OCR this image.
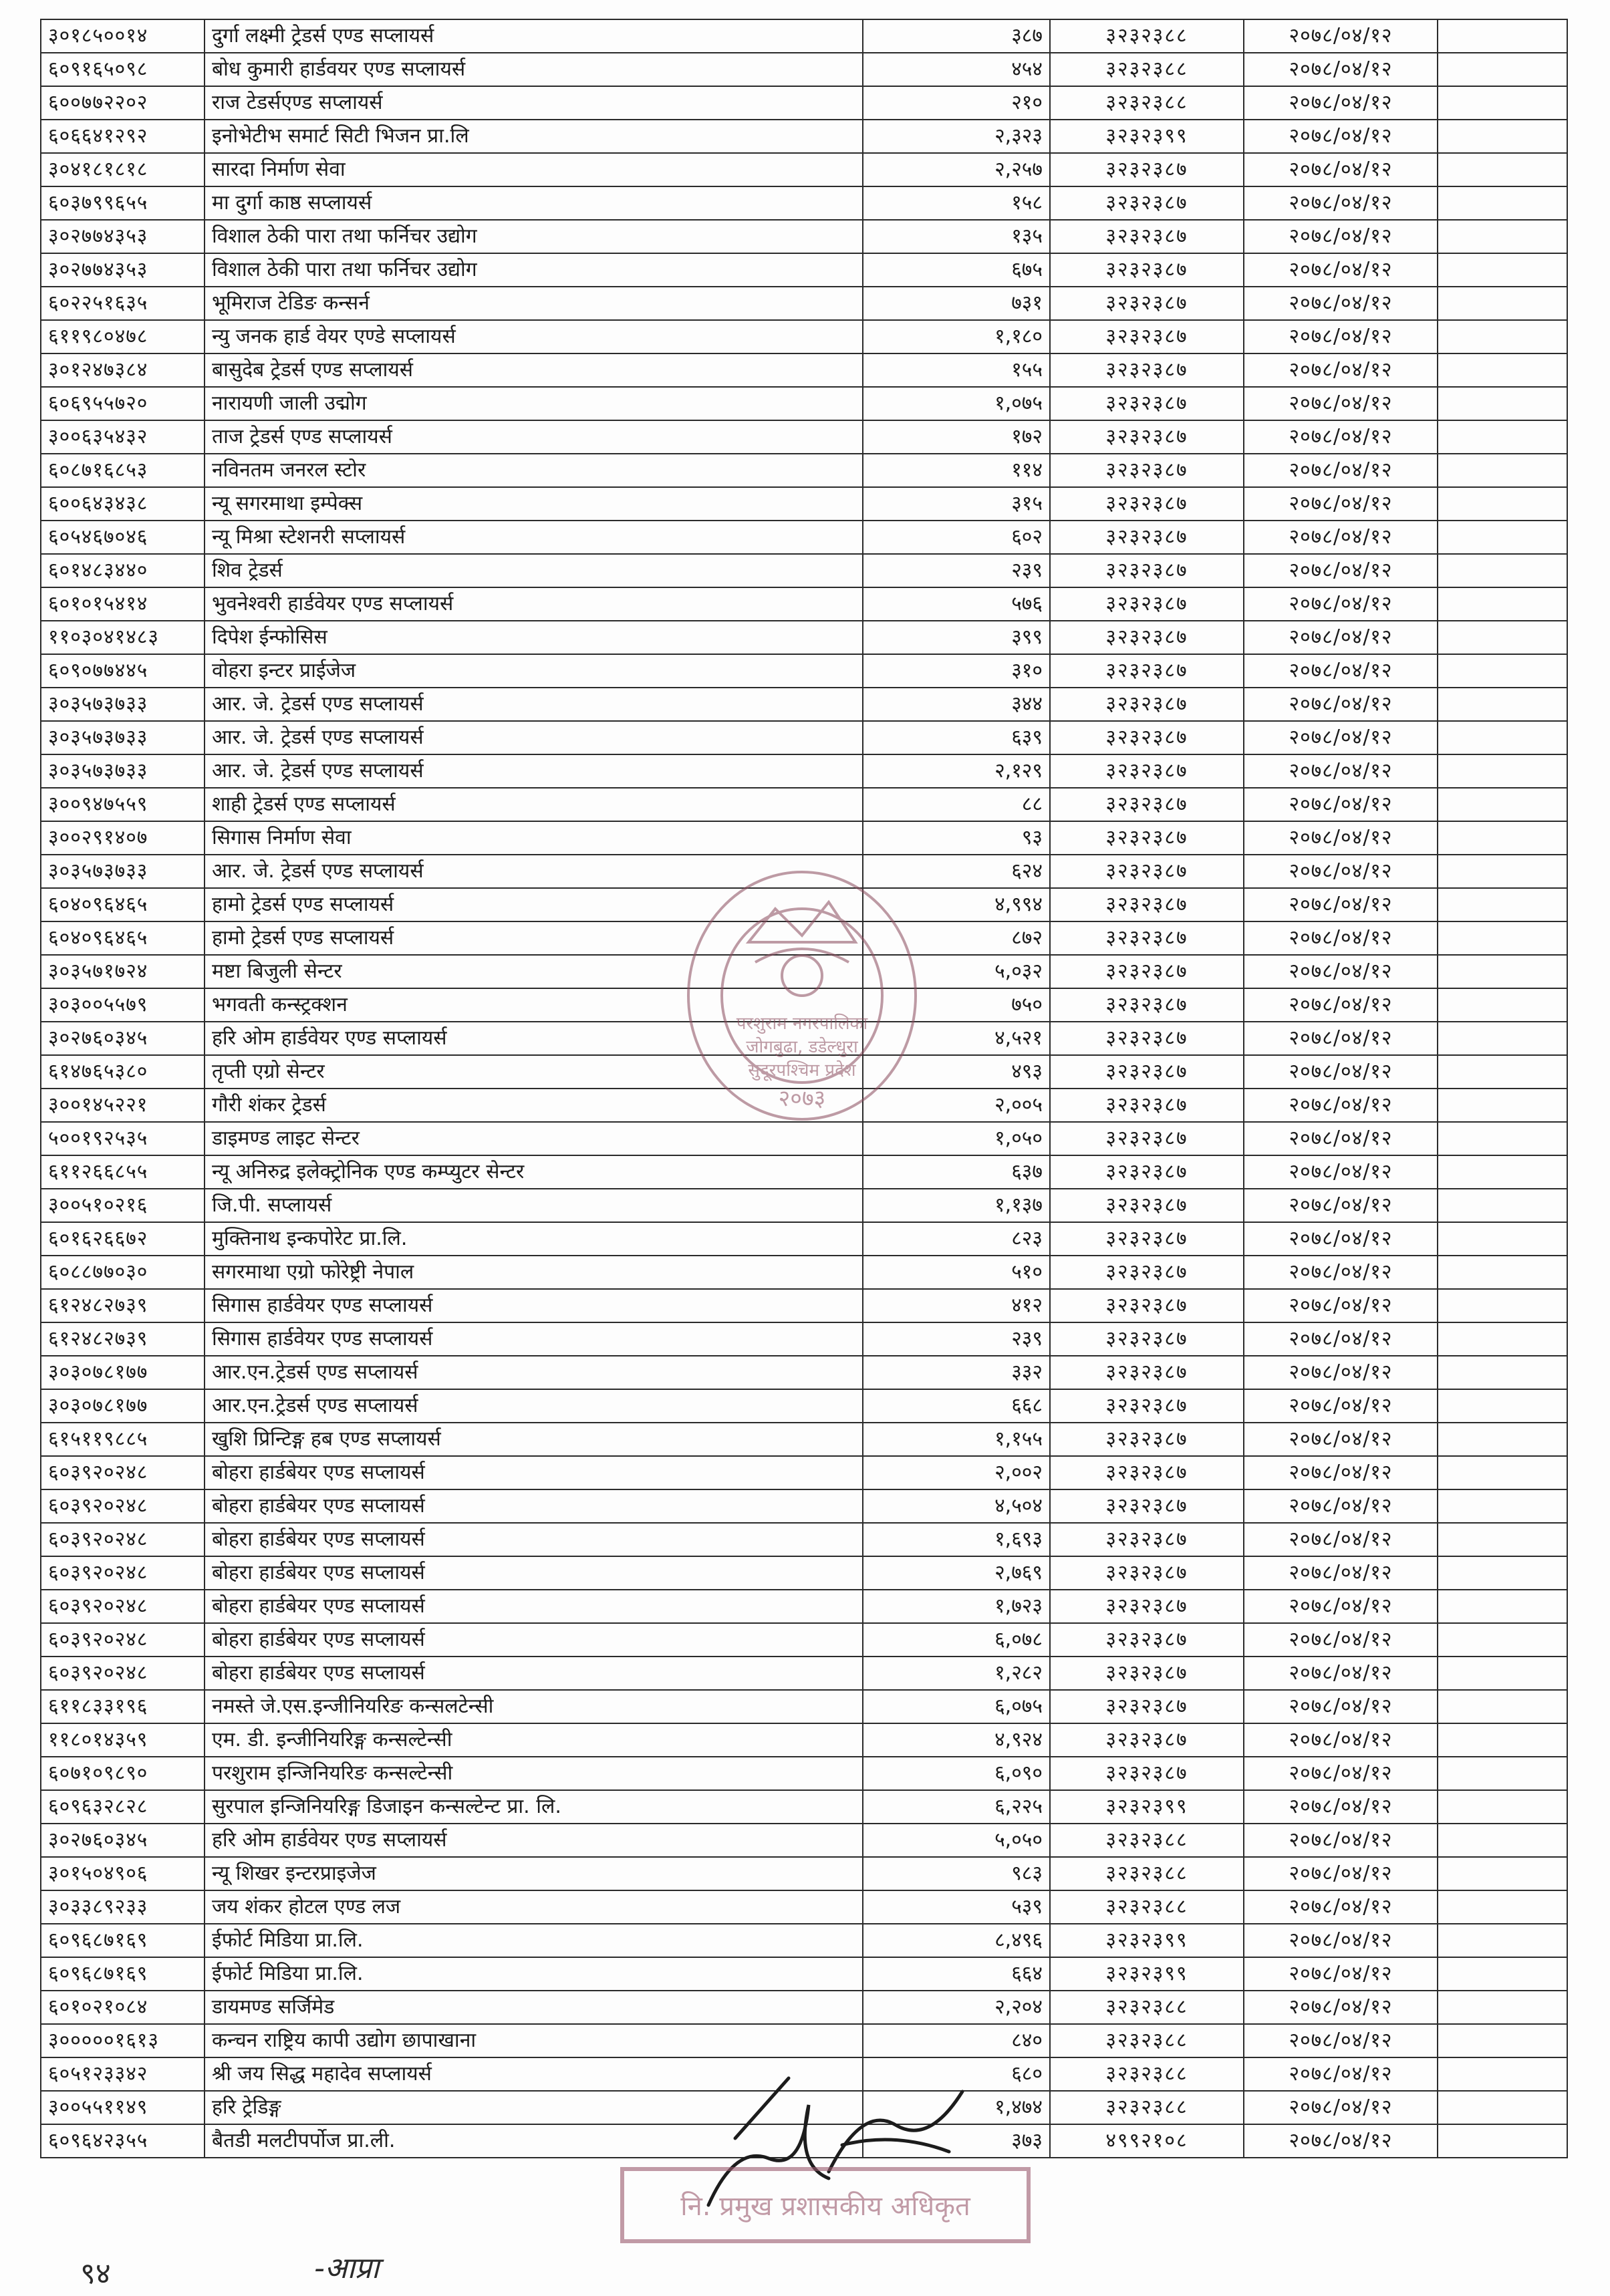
३०१८५००१४	दुर्गा लक्ष्मी ट्रेडर्स एण्ड सप्लायर्स	३८७	३२३२३८८	२०७८/०४/१२	
६०९१६५०९८	बोध कुमारी हार्डवयर एण्ड सप्लायर्स	४५४	३२३२३८८	२०७८/०४/१२	
६००७७२२०२	राज टेडर्सएण्ड सप्लायर्स	२१०	३२३२३८८	२०७८/०४/१२	
६०६६४१२९२	इनोभेटीभ समार्ट सिटी भिजन प्रा.लि	२,३२३	३२३२३९९	२०७८/०४/१२	
३०४१८१८१८	सारदा निर्माण सेवा	२,२५७	३२३२३८७	२०७८/०४/१२	
६०३७९९६५५	मा दुर्गा काष्ठ सप्लायर्स	१५८	३२३२३८७	२०७८/०४/१२	
३०२७७४३५३	विशाल ठेकी पारा तथा फर्निचर उद्योग	१३५	३२३२३८७	२०७८/०४/१२	
३०२७७४३५३	विशाल ठेकी पारा तथा फर्निचर उद्योग	६७५	३२३२३८७	२०७८/०४/१२	
६०२२५१६३५	भूमिराज टेडिङ कन्सर्न	७३१	३२३२३८७	२०७८/०४/१२	
६११९८०४७८	न्यु जनक हार्ड वेयर एण्डे सप्लायर्स	१,१८०	३२३२३८७	२०७८/०४/१२	
३०१२४७३८४	बासुदेब ट्रेडर्स एण्ड सप्लायर्स	१५५	३२३२३८७	२०७८/०४/१२	
६०६९५५७२०	नारायणी जाली उद्मोग	१,०७५	३२३२३८७	२०७८/०४/१२	
३००६३५४३२	ताज ट्रेडर्स एण्ड सप्लायर्स	१७२	३२३२३८७	२०७८/०४/१२	
६०८७१६८५३	नविनतम जनरल स्टोर	११४	३२३२३८७	२०७८/०४/१२	
६००६४३४३८	न्यू सगरमाथा इम्पेक्स	३१५	३२३२३८७	२०७८/०४/१२	
६०५४६७०४६	न्यू मिश्रा स्टेशनरी सप्लायर्स	६०२	३२३२३८७	२०७८/०४/१२	
६०१४८३४४०	शिव ट्रेडर्स	२३९	३२३२३८७	२०७८/०४/१२	
६०१०१५४१४	भुवनेश्वरी हार्डवेयर एण्ड सप्लायर्स	५७६	३२३२३८७	२०७८/०४/१२	
११०३०४१४८३	दिपेश ईन्फोसिस	३९९	३२३२३८७	२०७८/०४/१२	
६०९०७७४४५	वोहरा इन्टर प्राईजेज	३१०	३२३२३८७	२०७८/०४/१२	
३०३५७३७३३	आर. जे. ट्रेडर्स एण्ड सप्लायर्स	३४४	३२३२३८७	२०७८/०४/१२	
३०३५७३७३३	आर. जे. ट्रेडर्स एण्ड सप्लायर्स	६३९	३२३२३८७	२०७८/०४/१२	
३०३५७३७३३	आर. जे. ट्रेडर्स एण्ड सप्लायर्स	२,१२९	३२३२३८७	२०७८/०४/१२	
३००९४७५५९	शाही ट्रेडर्स एण्ड सप्लायर्स	८८	३२३२३८७	२०७८/०४/१२	
३००२९१४०७	सिगास निर्माण सेवा	९३	३२३२३८७	२०७८/०४/१२	
३०३५७३७३३	आर. जे. ट्रेडर्स एण्ड सप्लायर्स	६२४	३२३२३८७	२०७८/०४/१२	
६०४०९६४६५	हामो ट्रेडर्स एण्ड सप्लायर्स	४,९९४	३२३२३८७	२०७८/०४/१२	
६०४०९६४६५	हामो ट्रेडर्स एण्ड सप्लायर्स	८७२	३२३२३८७	२०७८/०४/१२	
३०३५७१७२४	मष्टा बिजुली सेन्टर	५,०३२	३२३२३८७	२०७८/०४/१२	
३०३००५५७९	भगवती कन्स्ट्रक्शन	७५०	३२३२३८७	२०७८/०४/१२	
३०२७६०३४५	हरि ओम हार्डवेयर एण्ड सप्लायर्स	४,५२१	३२३२३८७	२०७८/०४/१२	
६१४७६५३८०	तृप्ती एग्रो सेन्टर	४९३	३२३२३८७	२०७८/०४/१२	
३००१४५२२१	गौरी शंकर ट्रेडर्स	२,००५	३२३२३८७	२०७८/०४/१२	
५००१९२५३५	डाइमण्ड लाइट सेन्टर	१,०५०	३२३२३८७	२०७८/०४/१२	
६११२६६८५५	न्यू अनिरुद्र इलेक्ट्रोनिक एण्ड कम्प्युटर सेन्टर	६३७	३२३२३८७	२०७८/०४/१२	
३००५१०२१६	जि.पी. सप्लायर्स	१,१३७	३२३२३८७	२०७८/०४/१२	
६०१६२६६७२	मुक्तिनाथ इन्कपोरेट प्रा.लि.	८२३	३२३२३८७	२०७८/०४/१२	
६०८८७७०३०	सगरमाथा एग्रो फोरेष्ट्री नेपाल	५१०	३२३२३८७	२०७८/०४/१२	
६१२४८२७३९	सिगास हार्डवेयर एण्ड सप्लायर्स	४१२	३२३२३८७	२०७८/०४/१२	
६१२४८२७३९	सिगास हार्डवेयर एण्ड सप्लायर्स	२३९	३२३२३८७	२०७८/०४/१२	
३०३०७८१७७	आर.एन.ट्रेडर्स एण्ड सप्लायर्स	३३२	३२३२३८७	२०७८/०४/१२	
३०३०७८१७७	आर.एन.ट्रेडर्स एण्ड सप्लायर्स	६६८	३२३२३८७	२०७८/०४/१२	
६१५११९८८५	खुशि प्रिन्टिङ्ग हब एण्ड सप्लायर्स	१,१५५	३२३२३८७	२०७८/०४/१२	
६०३९२०२४८	बोहरा हार्डबेयर एण्ड सप्लायर्स	२,००२	३२३२३८७	२०७८/०४/१२	
६०३९२०२४८	बोहरा हार्डबेयर एण्ड सप्लायर्स	४,५०४	३२३२३८७	२०७८/०४/१२	
६०३९२०२४८	बोहरा हार्डबेयर एण्ड सप्लायर्स	१,६९३	३२३२३८७	२०७८/०४/१२	
६०३९२०२४८	बोहरा हार्डबेयर एण्ड सप्लायर्स	२,७६९	३२३२३८७	२०७८/०४/१२	
६०३९२०२४८	बोहरा हार्डबेयर एण्ड सप्लायर्स	१,७२३	३२३२३८७	२०७८/०४/१२	
६०३९२०२४८	बोहरा हार्डबेयर एण्ड सप्लायर्स	६,०७८	३२३२३८७	२०७८/०४/१२	
६०३९२०२४८	बोहरा हार्डबेयर एण्ड सप्लायर्स	१,२८२	३२३२३८७	२०७८/०४/१२	
६११८३३१९६	नमस्ते जे.एस.इन्जीनियरिङ कन्सलटेन्सी	६,०७५	३२३२३८७	२०७८/०४/१२	
११८०१४३५९	एम. डी. इन्जीनियरिङ्ग कन्सल्टेन्सी	४,९२४	३२३२३८७	२०७८/०४/१२	
६०७१०९८९०	परशुराम इन्जिनियरिङ कन्सल्टेन्सी	६,०९०	३२३२३८७	२०७८/०४/१२	
६०९६३२८२८	सुरपाल इन्जिनियरिङ्ग डिजाइन कन्सल्टेन्ट प्रा. लि.	६,२२५	३२३२३९९	२०७८/०४/१२	
३०२७६०३४५	हरि ओम हार्डवेयर एण्ड सप्लायर्स	५,०५०	३२३२३८८	२०७८/०४/१२	
३०१५०४९०६	न्यू शिखर इन्टरप्राइजेज	९८३	३२३२३८८	२०७८/०४/१२	
३०३३८९२३३	जय शंकर होटल एण्ड लज	५३९	३२३२३८८	२०७८/०४/१२	
६०९६८७१६९	ईफोर्ट मिडिया प्रा.लि.	८,४९६	३२३२३९९	२०७८/०४/१२	
६०९६८७१६९	ईफोर्ट मिडिया प्रा.लि.	६६४	३२३२३९९	२०७८/०४/१२	
६०१०२१०८४	डायमण्ड सर्जिमेड	२,२०४	३२३२३८८	२०७८/०४/१२	
३०००००१६१३	कन्चन राष्ट्रिय कापी उद्योग छापाखाना	८४०	३२३२३८८	२०७८/०४/१२	
६०५१२३३४२	श्री जय सिद्ध महादेव सप्लायर्स	६८०	३२३२३८८	२०७८/०४/१२	
३००५५११४९	हरि ट्रेडिङ्ग	१,४७४	३२३२३८८	२०७८/०४/१२	
६०९६४२३५५	बैतडी मलटीपर्पोज प्रा.ली.	३७३	४९९२१०८	२०७८/०४/१२	
परशुराम नगरपालिका
जोगबुढा, डडेल्धुरा
सुदूरपश्चिम प्रदेश
२०७३
नि. प्रमुख प्रशासकीय अधिकृत
९४	-आप्रा
